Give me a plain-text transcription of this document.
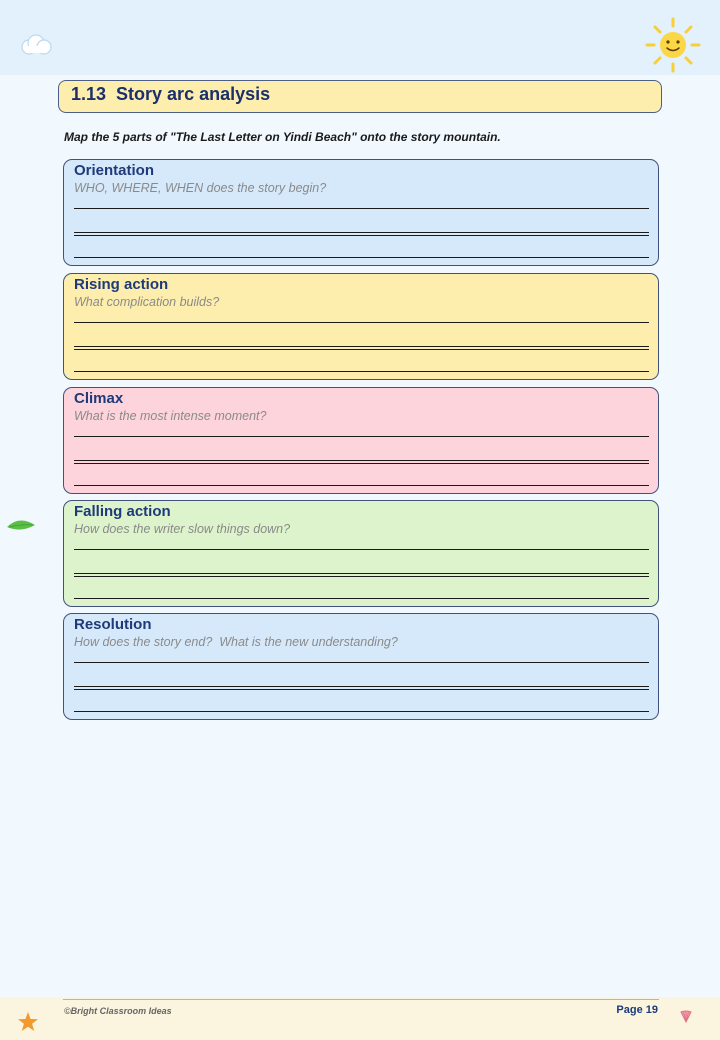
1.13  Story arc analysis
Map the 5 parts of "The Last Letter on Yindi Beach" onto the story mountain.
Orientation
WHO, WHERE, WHEN does the story begin?
Rising action
What complication builds?
Climax
What is the most intense moment?
Falling action
How does the writer slow things down?
Resolution
How does the story end?  What is the new understanding?
©Bright Classroom Ideas	Page 19
